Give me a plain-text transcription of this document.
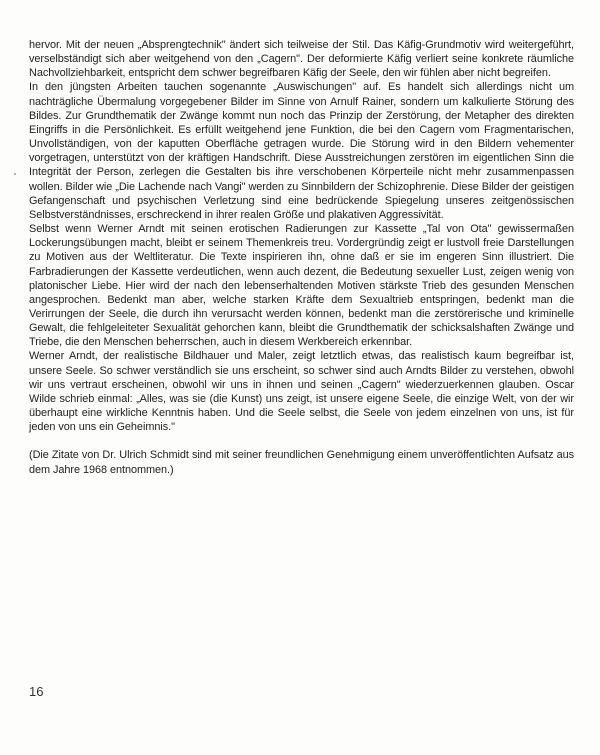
hervor. Mit der neuen „Absprengtechnik" ändert sich teilweise der Stil. Das Käfig-Grundmotiv wird weitergeführt, verselbständigt sich aber weitgehend von den „Cagern". Der deformierte Käfig verliert seine konkrete räumliche Nachvollziehbarkeit, entspricht dem schwer begreifbaren Käfig der Seele, den wir fühlen aber nicht begreifen.

In den jüngsten Arbeiten tauchen sogenannte „Auswischungen" auf. Es handelt sich allerdings nicht um nachträgliche Übermalung vorgegebener Bilder im Sinne von Arnulf Rainer, sondern um kalkulierte Störung des Bildes. Zur Grundthematik der Zwänge kommt nun noch das Prinzip der Zerstörung, der Metapher des direkten Eingriffs in die Persönlichkeit. Es erfüllt weitgehend jene Funktion, die bei den Cagern vom Fragmentarischen, Unvollständigen, von der kaputten Oberfläche getragen wurde. Die Störung wird in den Bildern vehementer vorgetragen, unterstützt von der kräftigen Handschrift. Diese Ausstreichungen zerstören im eigentlichen Sinn die Integrität der Person, zerlegen die Gestalten bis ihre verschobenen Körperteile nicht mehr zusammenpassen wollen. Bilder wie „Die Lachende nach Vangi" werden zu Sinnbildern der Schizophrenie. Diese Bilder der geistigen Gefangenschaft und psychischen Verletzung sind eine bedrückende Spiegelung unseres zeitgenössischen Selbstverständnisses, erschreckend in ihrer realen Größe und plakativen Aggressivität.

Selbst wenn Werner Arndt mit seinen erotischen Radierungen zur Kassette „Tal von Ota" gewissermaßen Lockerungsübungen macht, bleibt er seinem Themenkreis treu. Vordergründig zeigt er lustvoll freie Darstellungen zu Motiven aus der Weltliteratur. Die Texte inspirieren ihn, ohne daß er sie im engeren Sinn illustriert. Die Farbradierungen der Kassette verdeutlichen, wenn auch dezent, die Bedeutung sexueller Lust, zeigen wenig von platonischer Liebe. Hier wird der nach den lebenserhaltenden Motiven stärkste Trieb des gesunden Menschen angesprochen. Bedenkt man aber, welche starken Kräfte dem Sexualtrieb entspringen, bedenkt man die Verirrungen der Seele, die durch ihn verursacht werden können, bedenkt man die zerstörerische und kriminelle Gewalt, die fehlgeleiteter Sexualität gehorchen kann, bleibt die Grundthematik der schicksalshaften Zwänge und Triebe, die den Menschen beherrschen, auch in diesem Werkbereich erkennbar.

Werner Arndt, der realistische Bildhauer und Maler, zeigt letztlich etwas, das realistisch kaum begreifbar ist, unsere Seele. So schwer verständlich sie uns erscheint, so schwer sind auch Arndts Bilder zu verstehen, obwohl wir uns vertraut erscheinen, obwohl wir uns in ihnen und seinen „Cagern" wiederzuerkennen glauben. Oscar Wilde schrieb einmal: „Alles, was sie (die Kunst) uns zeigt, ist unsere eigene Seele, die einzige Welt, von der wir überhaupt eine wirkliche Kenntnis haben. Und die Seele selbst, die Seele von jedem einzelnen von uns, ist für jeden von uns ein Geheimnis."

(Die Zitate von Dr. Ulrich Schmidt sind mit seiner freundlichen Genehmigung einem unveröffentlichten Aufsatz aus dem Jahre 1968 entnommen.)

16
